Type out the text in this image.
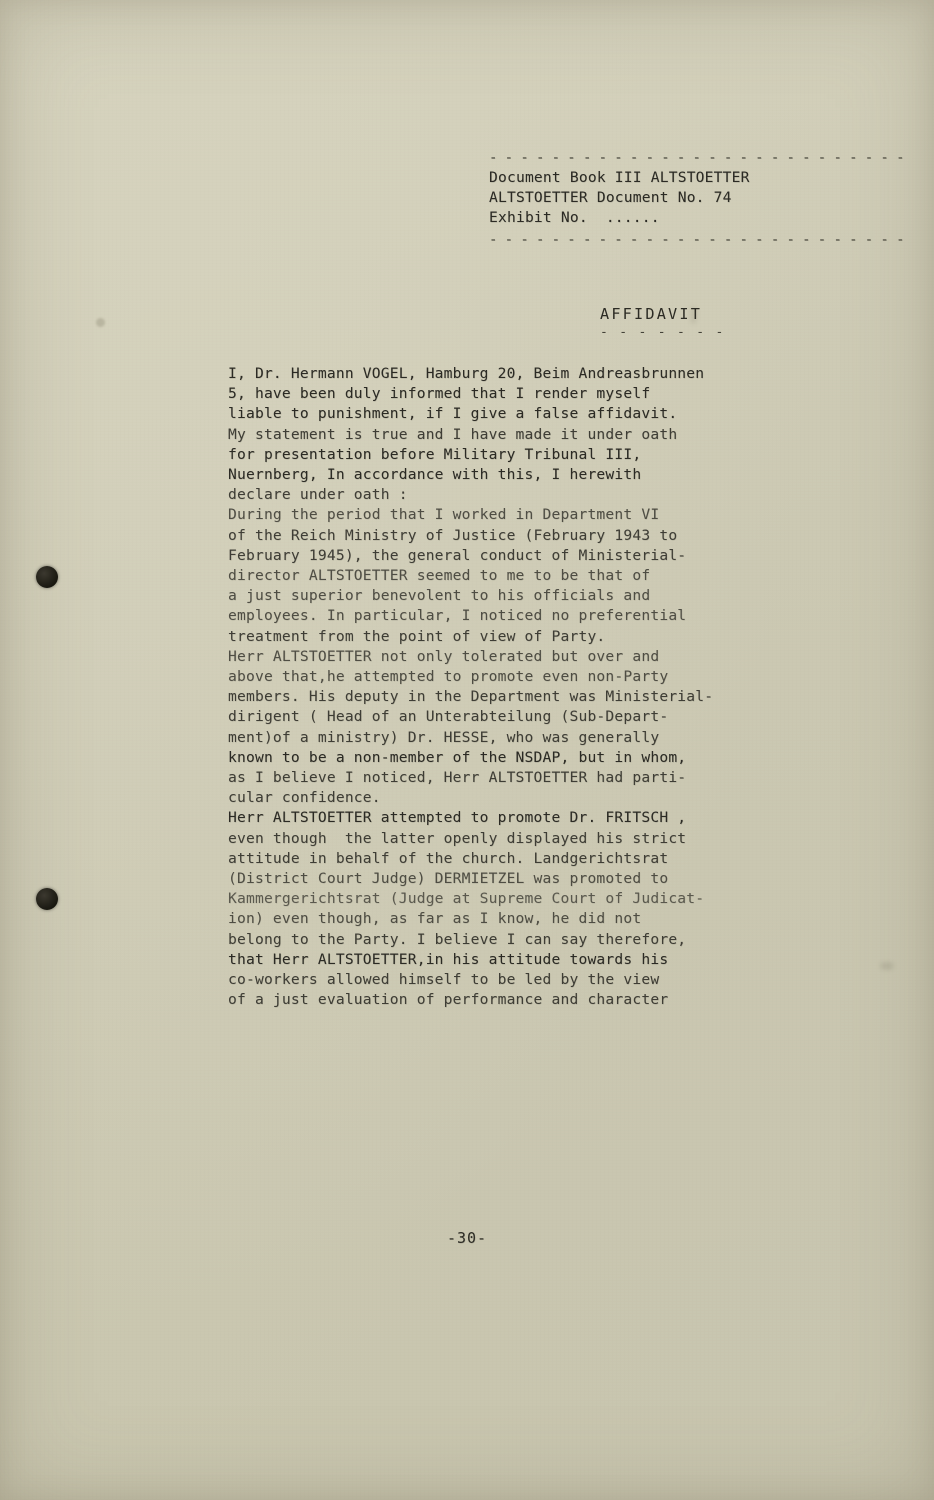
- - - - - - - - - - - - - - - - - - - - - - - - - - -
Document Book III ALTSTOETTER
ALTSTOETTER Document No. 74
Exhibit No.  ......
- - - - - - - - - - - - - - - - - - - - - - - - - - -
AFFIDAVIT
- - - - - - -
I, Dr. Hermann VOGEL, Hamburg 20, Beim Andreasbrunnen
5, have been duly informed that I render myself
liable to punishment, if I give a false affidavit.
My statement is true and I have made it under oath
for presentation before Military Tribunal III,
Nuernberg, In accordance with this, I herewith
declare under oath :
During the period that I worked in Department VI
of the Reich Ministry of Justice (February 1943 to
February 1945), the general conduct of Ministerial-
director ALTSTOETTER seemed to me to be that of
a just superior benevolent to his officials and
employees. In particular, I noticed no preferential
treatment from the point of view of Party.
Herr ALTSTOETTER not only tolerated but over and
above that,he attempted to promote even non-Party
members. His deputy in the Department was Ministerial-
dirigent ( Head of an Unterabteilung (Sub-Depart-
ment)of a ministry) Dr. HESSE, who was generally
known to be a non-member of the NSDAP, but in whom,
as I believe I noticed, Herr ALTSTOETTER had parti-
cular confidence.
Herr ALTSTOETTER attempted to promote Dr. FRITSCH ,
even though  the latter openly displayed his strict
attitude in behalf of the church. Landgerichtsrat
(District Court Judge) DERMIETZEL was promoted to
Kammergerichtsrat (Judge at Supreme Court of Judicat-
ion) even though, as far as I know, he did not
belong to the Party. I believe I can say therefore,
that Herr ALTSTOETTER,in his attitude towards his
co-workers allowed himself to be led by the view
of a just evaluation of performance and character
-30-
